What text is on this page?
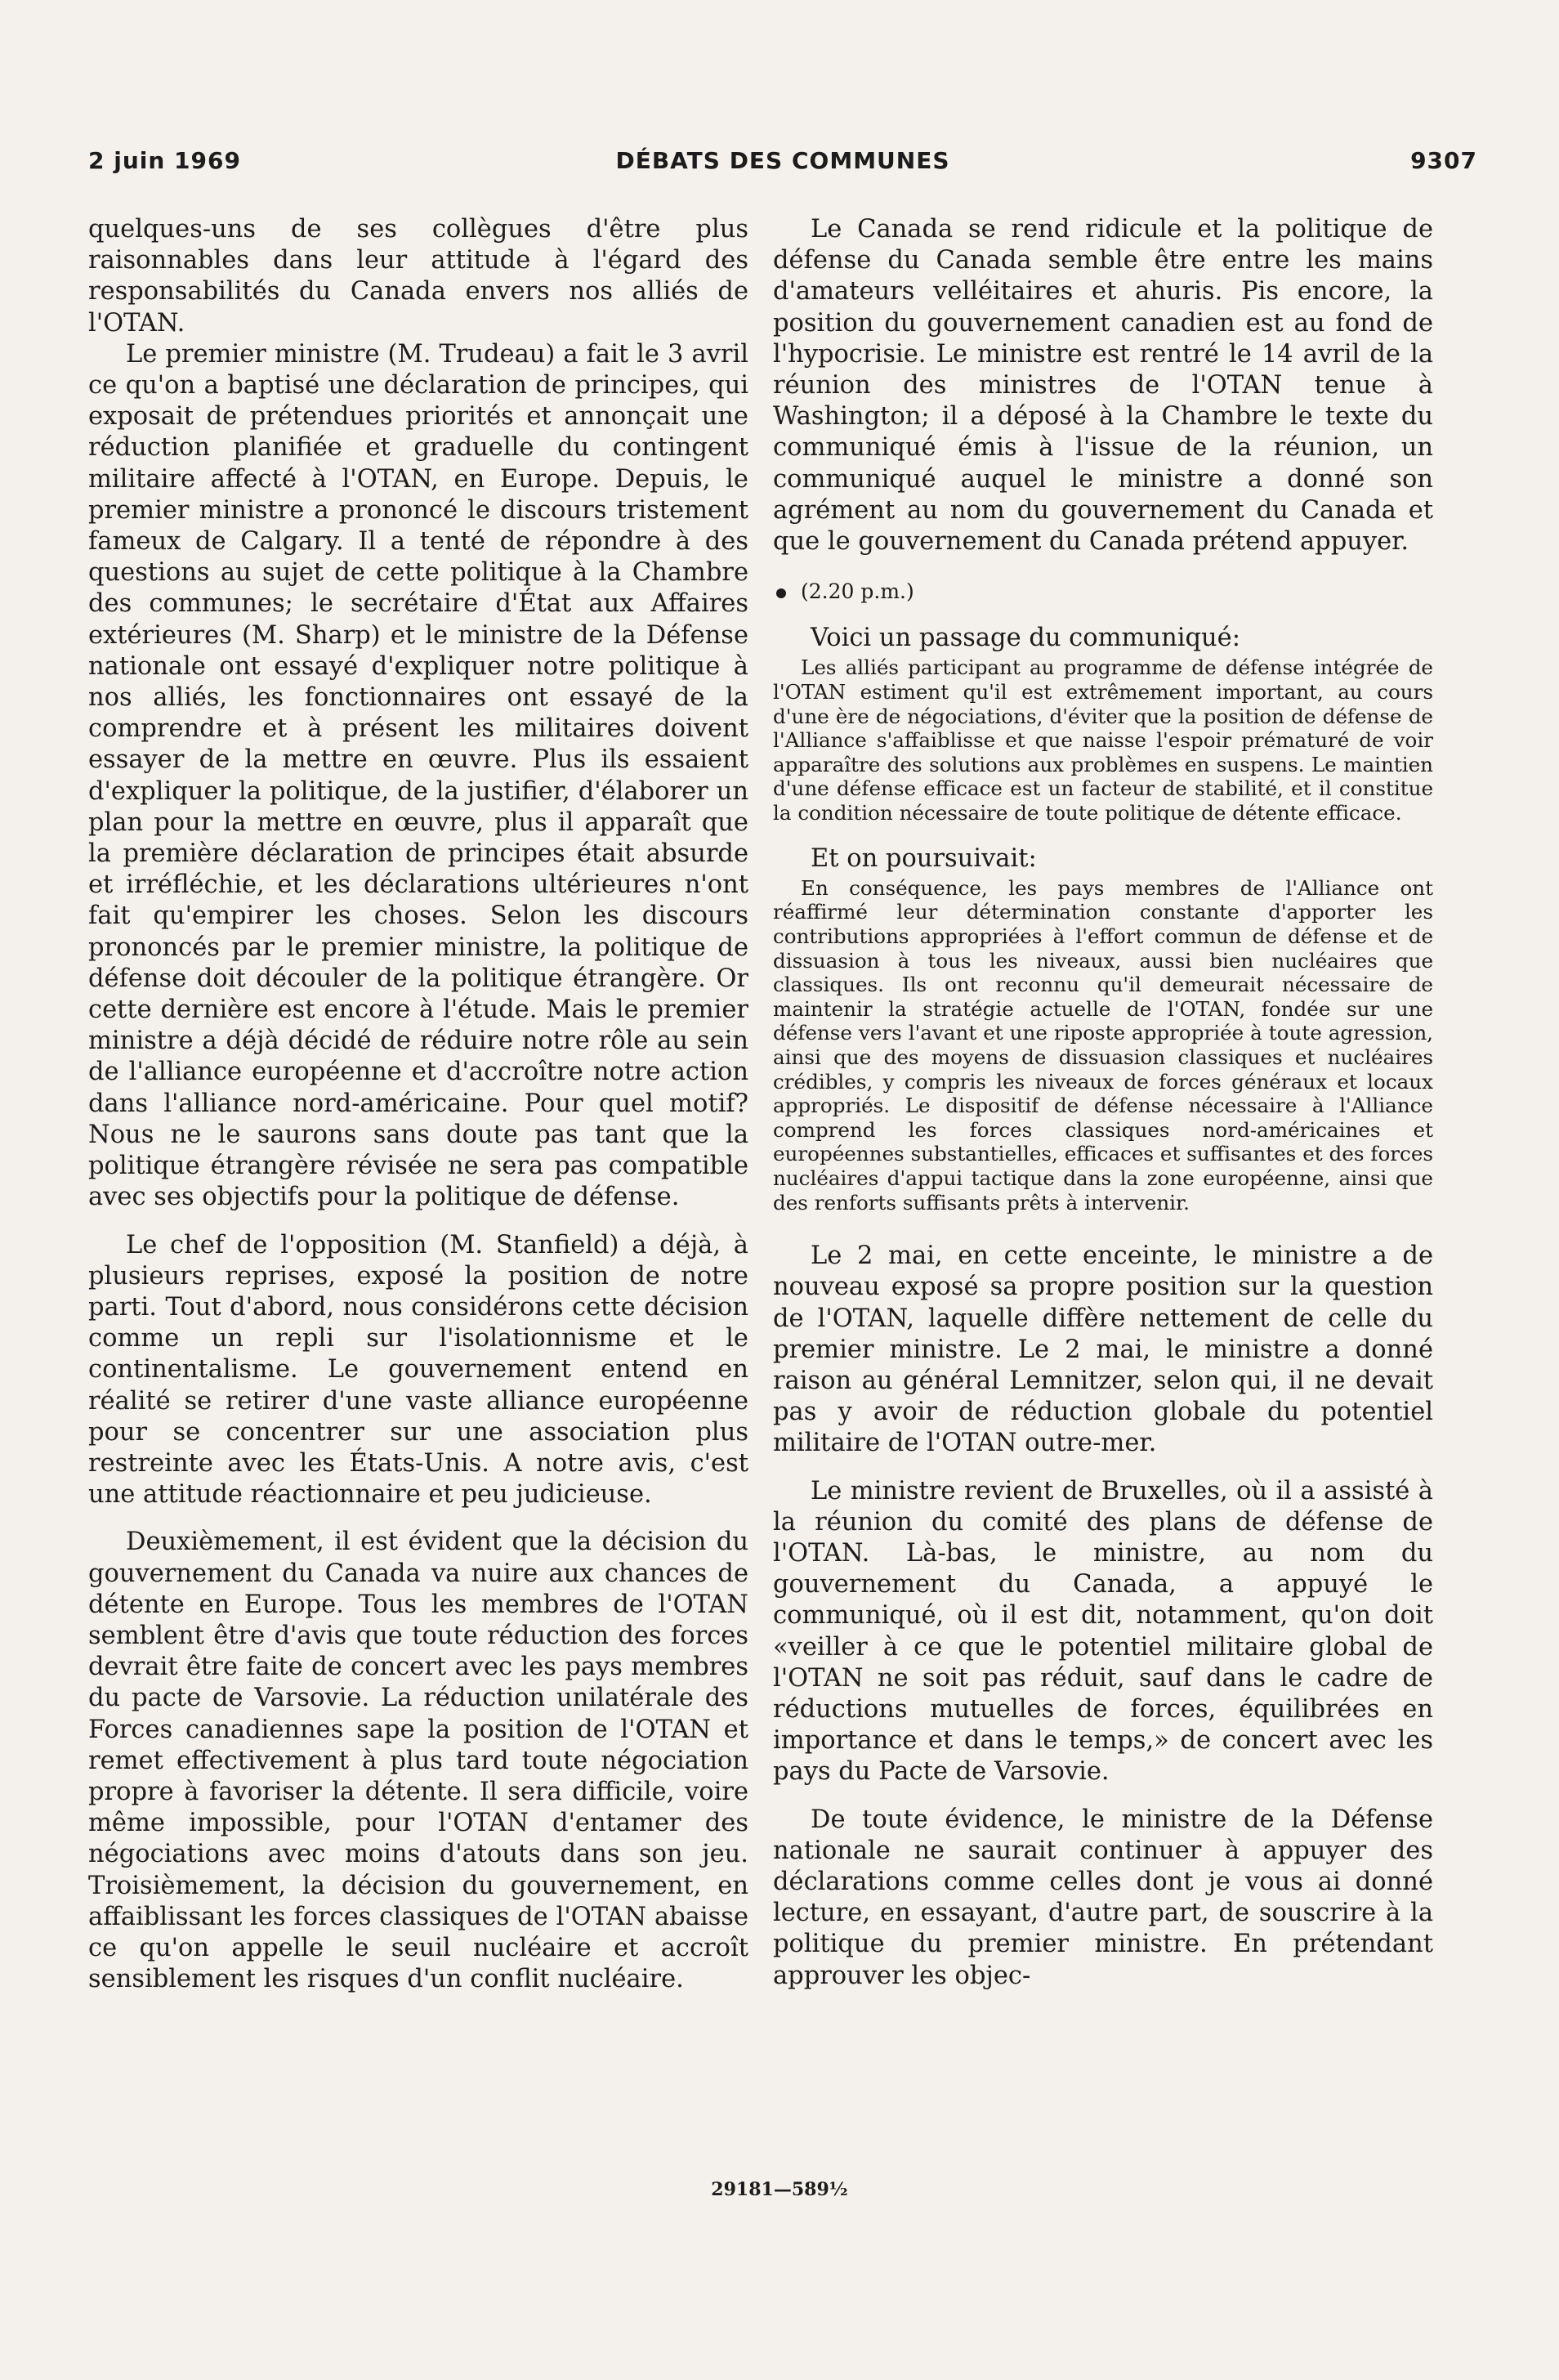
DÉBATS DES COMMUNES
2 juin 1969	9307

quelques-uns de ses collègues d'être plus raisonnables dans leur attitude à l'égard des responsabilités du Canada envers nos alliés de l'OTAN.

Le premier ministre (M. Trudeau) a fait le 3 avril ce qu'on a baptisé une déclaration de principes, qui exposait de prétendues priorités et annonçait une réduction planifiée et graduelle du contingent militaire affecté à l'OTAN, en Europe. Depuis, le premier ministre a prononcé le discours tristement fameux de Calgary. Il a tenté de répondre à des questions au sujet de cette politique à la Chambre des communes; le secrétaire d'État aux Affaires extérieures (M. Sharp) et le ministre de la Défense nationale ont essayé d'expliquer notre politique à nos alliés, les fonctionnaires ont essayé de la comprendre et à présent les militaires doivent essayer de la mettre en œuvre. Plus ils essaient d'expliquer la politique, de la justifier, d'élaborer un plan pour la mettre en œuvre, plus il apparaît que la première déclaration de principes était absurde et irréfléchie, et les déclarations ultérieures n'ont fait qu'empirer les choses. Selon les discours prononcés par le premier ministre, la politique de défense doit découler de la politique étrangère. Or cette dernière est encore à l'étude. Mais le premier ministre a déjà décidé de réduire notre rôle au sein de l'alliance européenne et d'accroître notre action dans l'alliance nord-américaine. Pour quel motif? Nous ne le saurons sans doute pas tant que la politique étrangère révisée ne sera pas compatible avec ses objectifs pour la politique de défense.

Le chef de l'opposition (M. Stanfield) a déjà, à plusieurs reprises, exposé la position de notre parti. Tout d'abord, nous considérons cette décision comme un repli sur l'isolationnisme et le continentalisme. Le gouvernement entend en réalité se retirer d'une vaste alliance européenne pour se concentrer sur une association plus restreinte avec les États-Unis. A notre avis, c'est une attitude réactionnaire et peu judicieuse.

Deuxièmement, il est évident que la décision du gouvernement du Canada va nuire aux chances de détente en Europe. Tous les membres de l'OTAN semblent être d'avis que toute réduction des forces devrait être faite de concert avec les pays membres du pacte de Varsovie. La réduction unilatérale des Forces canadiennes sape la position de l'OTAN et remet effectivement à plus tard toute négociation propre à favoriser la détente. Il sera difficile, voire même impossible, pour l'OTAN d'entamer des négociations avec moins d'atouts dans son jeu. Troisièmement, la décision du gouvernement, en affaiblissant les forces classiques de l'OTAN abaisse ce qu'on appelle le seuil nucléaire et accroît sensiblement les risques d'un conflit nucléaire.

Le Canada se rend ridicule et la politique de défense du Canada semble être entre les mains d'amateurs velléitaires et ahuris. Pis encore, la position du gouvernement canadien est au fond de l'hypocrisie. Le ministre est rentré le 14 avril de la réunion des ministres de l'OTAN tenue à Washington; il a déposé à la Chambre le texte du communiqué émis à l'issue de la réunion, un communiqué auquel le ministre a donné son agrément au nom du gouvernement du Canada et que le gouvernement du Canada prétend appuyer.

(2.20 p.m.)

Voici un passage du communiqué:

Les alliés participant au programme de défense intégrée de l'OTAN estiment qu'il est extrêmement important, au cours d'une ère de négociations, d'éviter que la position de défense de l'Alliance s'affaiblisse et que naisse l'espoir prématuré de voir apparaître des solutions aux problèmes en suspens. Le maintien d'une défense efficace est un facteur de stabilité, et il constitue la condition nécessaire de toute politique de détente efficace.

Et on poursuivait:

En conséquence, les pays membres de l'Alliance ont réaffirmé leur détermination constante d'apporter les contributions appropriées à l'effort commun de défense et de dissuasion à tous les niveaux, aussi bien nucléaires que classiques. Ils ont reconnu qu'il demeurait nécessaire de maintenir la stratégie actuelle de l'OTAN, fondée sur une défense vers l'avant et une riposte appropriée à toute agression, ainsi que des moyens de dissuasion classiques et nucléaires crédibles, y compris les niveaux de forces généraux et locaux appropriés. Le dispositif de défense nécessaire à l'Alliance comprend les forces classiques nord-américaines et européennes substantielles, efficaces et suffisantes et des forces nucléaires d'appui tactique dans la zone européenne, ainsi que des renforts suffisants prêts à intervenir.

Le 2 mai, en cette enceinte, le ministre a de nouveau exposé sa propre position sur la question de l'OTAN, laquelle diffère nettement de celle du premier ministre. Le 2 mai, le ministre a donné raison au général Lemnitzer, selon qui, il ne devait pas y avoir de réduction globale du potentiel militaire de l'OTAN outre-mer.

Le ministre revient de Bruxelles, où il a assisté à la réunion du comité des plans de défense de l'OTAN. Là-bas, le ministre, au nom du gouvernement du Canada, a appuyé le communiqué, où il est dit, notamment, qu'on doit «veiller à ce que le potentiel militaire global de l'OTAN ne soit pas réduit, sauf dans le cadre de réductions mutuelles de forces, équilibrées en importance et dans le temps,» de concert avec les pays du Pacte de Varsovie.

De toute évidence, le ministre de la Défense nationale ne saurait continuer à appuyer des déclarations comme celles dont je vous ai donné lecture, en essayant, d'autre part, de souscrire à la politique du premier ministre. En prétendant approuver les objec-

29181—589½
